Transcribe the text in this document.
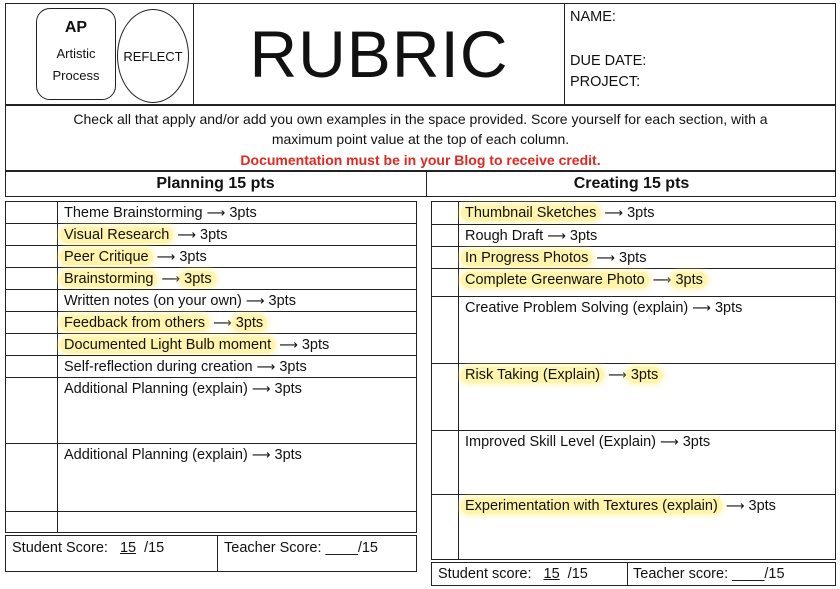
AP
Artistic
Process
REFLECT	RUBRIC	NAME:
DUE DATE:
PROJECT:
Check all that apply and/or add you own examples in the space provided. Score yourself for each section, with a
maximum point value at the top of each column.
Documentation must be in your Blog to receive credit.
Planning 15 pts	Creating 15 pts
Theme Brainstorming ⟶ 3pts
Visual Research ⟶ 3pts
Peer Critique ⟶ 3pts
Brainstorming ⟶ 3pts
Written notes (on your own) ⟶ 3pts
Feedback from others ⟶ 3pts
Documented Light Bulb moment ⟶ 3pts
Self-reflection during creation ⟶ 3pts
Additional Planning (explain) ⟶ 3pts
Additional Planning (explain) ⟶ 3pts
Thumbnail Sketches ⟶ 3pts
Rough Draft ⟶ 3pts
In Progress Photos ⟶ 3pts
Complete Greenware Photo ⟶ 3pts
Creative Problem Solving (explain) ⟶ 3pts
Risk Taking (Explain) ⟶ 3pts
Improved Skill Level (Explain) ⟶ 3pts
Experimentation with Textures (explain) ⟶ 3pts
Student Score: 15 /15	Teacher Score: ____/15
Student score: 15 /15	Teacher score: ____/15
